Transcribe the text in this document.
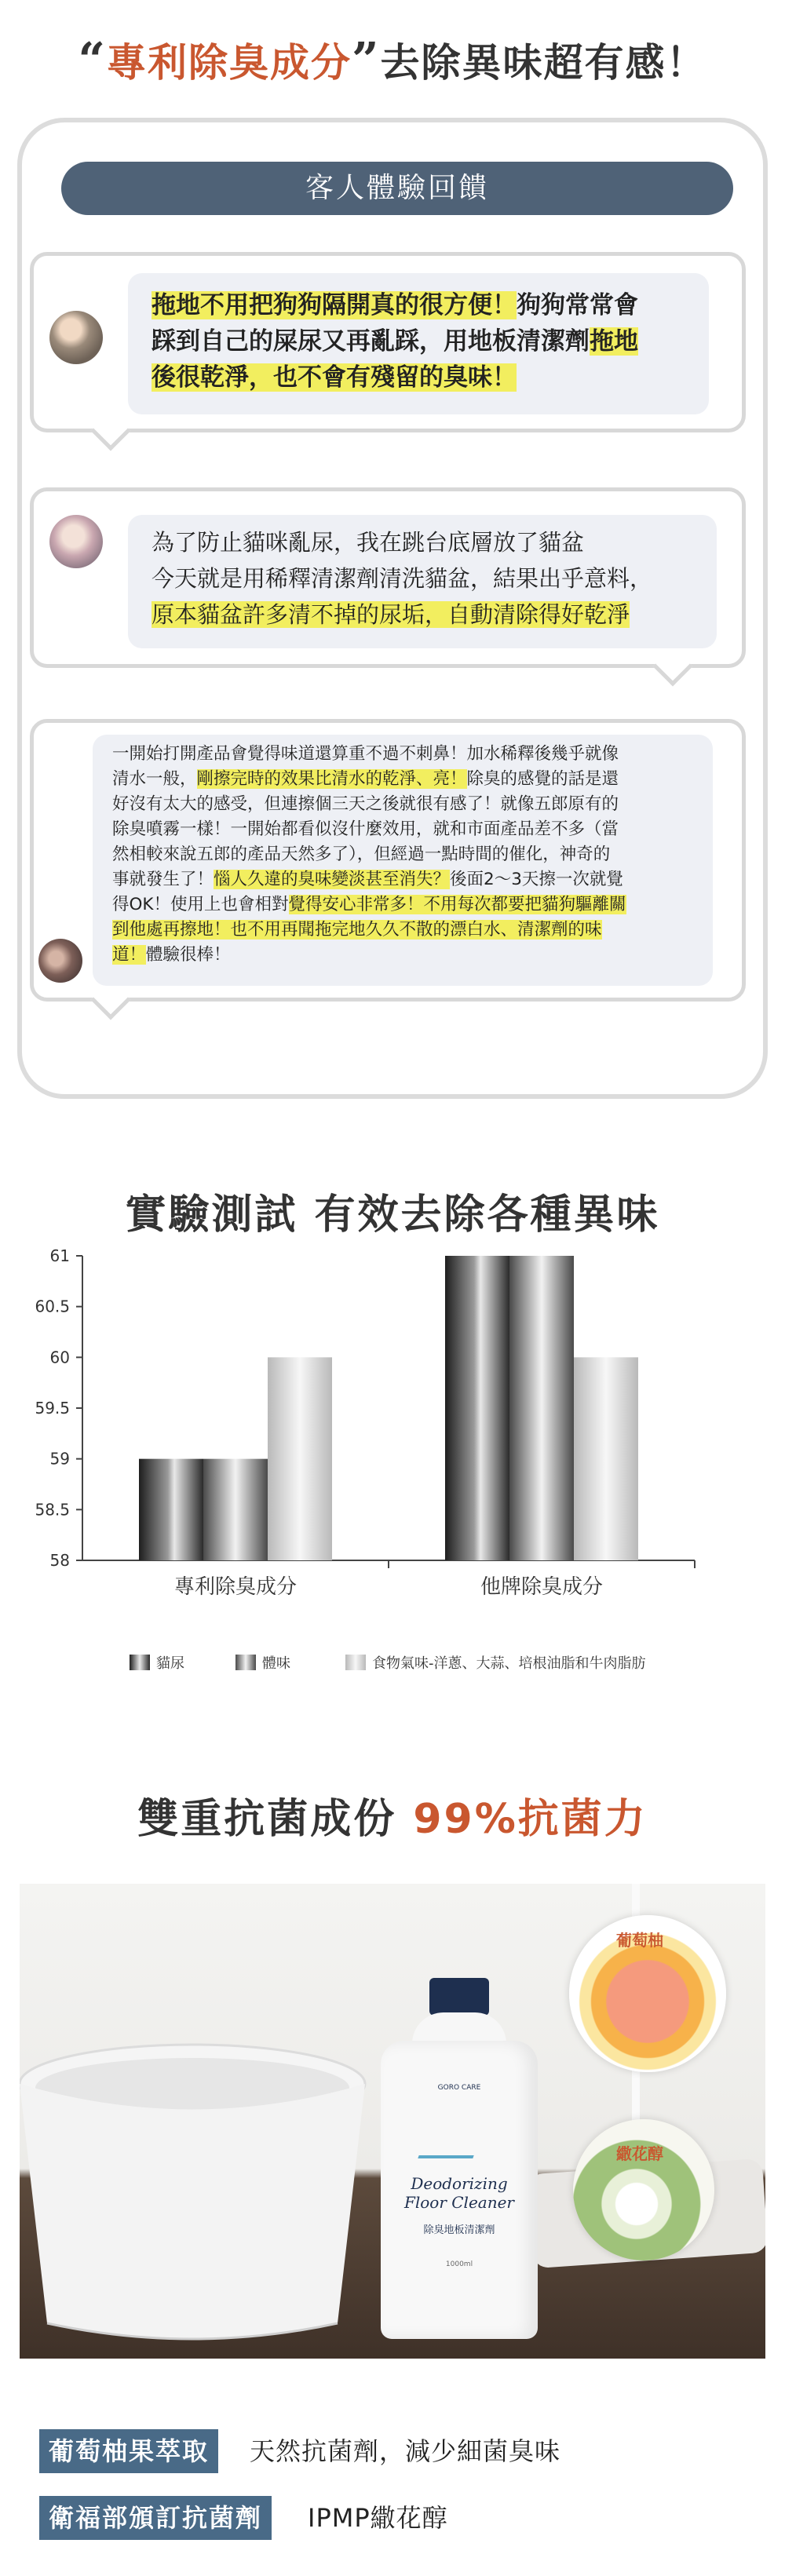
“專利除臭成分”去除異味超有感！
客人體驗回饋
拖地不用把狗狗隔開真的很方便！狗狗常常會
踩到自己的屎尿又再亂踩，用地板清潔劑拖地
後很乾淨，也不會有殘留的臭味！
為了防止貓咪亂尿，我在跳台底層放了貓盆
今天就是用稀釋清潔劑清洗貓盆，結果出乎意料，
原本貓盆許多清不掉的尿垢，自動清除得好乾淨
一開始打開產品會覺得味道還算重不過不刺鼻！加水稀釋後幾乎就像
清水一般，剛擦完時的效果比清水的乾淨、亮！除臭的感覺的話是還
好沒有太大的感受，但連擦個三天之後就很有感了！就像五郎原有的
除臭噴霧一樣！一開始都看似沒什麼效用，就和市面產品差不多（當
然相較來說五郎的產品天然多了），但經過一點時間的催化，神奇的
事就發生了！惱人久違的臭味變淡甚至消失？後面2～3天擦一次就覺
得OK！使用上也會相對覺得安心非常多！不用每次都要把貓狗驅離關
到他處再擦地！也不用再聞拖完地久久不散的漂白水、清潔劑的味
道！體驗很棒！
實驗測試 有效去除各種異味
58
58.5
59
59.5
60
60.5
61
專利除臭成分	他牌除臭成分
貓尿	體味	食物氣味-洋蔥、大蒜、培根油脂和牛肉脂肪
雙重抗菌成份 99%抗菌力
GORO CARE
Deodorizing
Floor Cleaner
除臭地板清潔劑
1000ml
葡萄柚
繖花醇
葡萄柚果萃取	天然抗菌劑，減少細菌臭味
衛福部頒訂抗菌劑	IPMP繖花醇
